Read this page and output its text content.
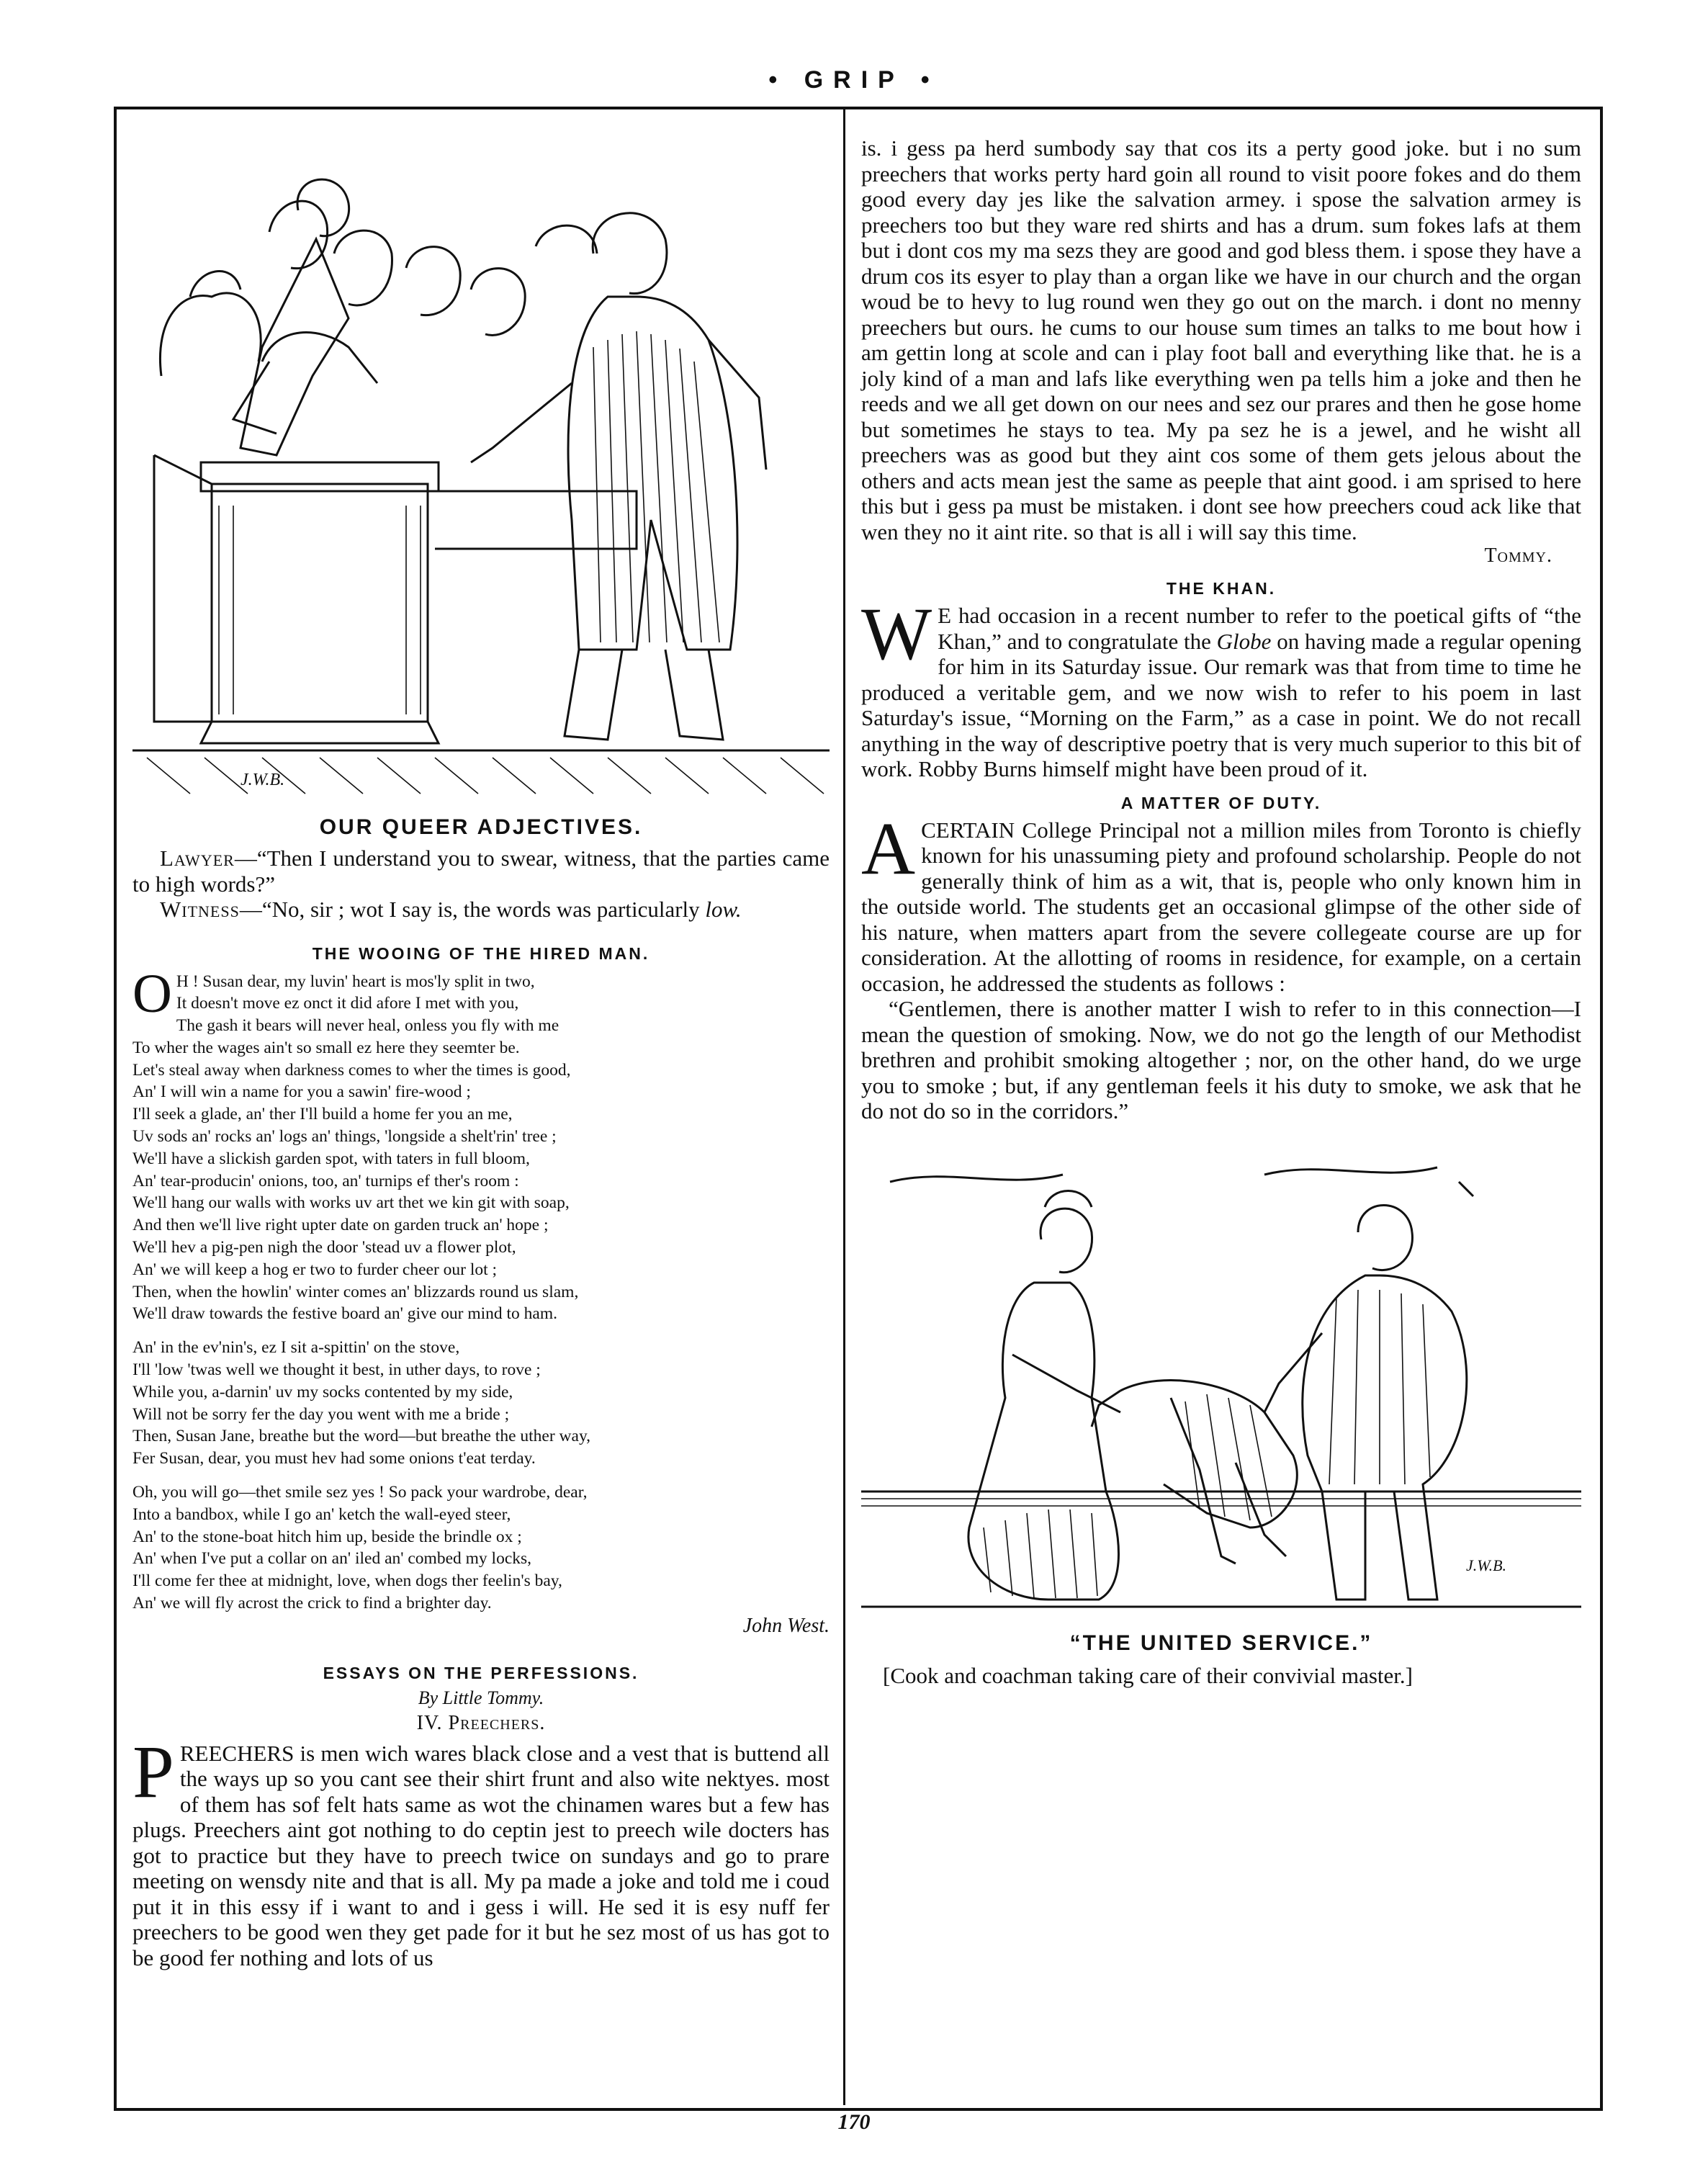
• GRIP •
J.W.B.
OUR QUEER ADJECTIVES.

Lawyer—“Then I understand you to swear, witness, that the parties came to high words?”

Witness—“No, sir ; wot I say is, the words was particularly low.

THE WOOING OF THE HIRED MAN.
O H ! Susan dear, my luvin' heart is mos'ly split in two,
It doesn't move ez onct it did afore I met with you,
The gash it bears will never heal, onless you fly with me
To wher the wages ain't so small ez here they seemter be.
Let's steal away when darkness comes to wher the times is good,
An' I will win a name for you a sawin' fire-wood ;
I'll seek a glade, an' ther I'll build a home fer you an me,
Uv sods an' rocks an' logs an' things, 'longside a shelt'rin' tree ;
We'll have a slickish garden spot, with taters in full bloom,
An' tear-producin' onions, too, an' turnips ef ther's room :
We'll hang our walls with works uv art thet we kin git with soap,
And then we'll live right upter date on garden truck an' hope ;
We'll hev a pig-pen nigh the door 'stead uv a flower plot,
An' we will keep a hog er two to furder cheer our lot ;
Then, when the howlin' winter comes an' blizzards round us slam,
We'll draw towards the festive board an' give our mind to ham.
An' in the ev'nin's, ez I sit a-spittin' on the stove,
I'll 'low 'twas well we thought it best, in uther days, to rove ;
While you, a-darnin' uv my socks contented by my side,
Will not be sorry fer the day you went with me a bride ;
Then, Susan Jane, breathe but the word—but breathe the uther way,
Fer Susan, dear, you must hev had some onions t'eat terday.
Oh, you will go—thet smile sez yes ! So pack your wardrobe, dear,
Into a bandbox, while I go an' ketch the wall-eyed steer,
An' to the stone-boat hitch him up, beside the brindle ox ;
An' when I've put a collar on an' iled an' combed my locks,
I'll come fer thee at midnight, love, when dogs ther feelin's bay,
An' we will fly acrost the crick to find a brighter day.

John West.

ESSAYS ON THE PERFESSIONS.

By Little Tommy.

IV. Preechers.

PREECHERS is men wich wares black close and a vest that is buttend all the ways up so you cant see their shirt frunt and also wite nektyes. most of them has sof felt hats same as wot the chinamen wares but a few has plugs. Preechers aint got nothing to do ceptin jest to preech wile docters has got to practice but they have to preech twice on sundays and go to prare meeting on wensdy nite and that is all. My pa made a joke and told me i coud put it in this essy if i want to and i gess i will. He sed it is esy nuff fer preechers to be good wen they get pade for it but he sez most of us has got to be good fer nothing and lots of us

is. i gess pa herd sumbody say that cos its a perty good joke. but i no sum preechers that works perty hard goin all round to visit poore fokes and do them good every day jes like the salvation armey. i spose the salvation armey is preechers too but they ware red shirts and has a drum. sum fokes lafs at them but i dont cos my ma sezs they are good and god bless them. i spose they have a drum cos its esyer to play than a organ like we have in our church and the organ woud be to hevy to lug round wen they go out on the march. i dont no menny preechers but ours. he cums to our house sum times an talks to me bout how i am gettin long at scole and can i play foot ball and everything like that. he is a joly kind of a man and lafs like everything wen pa tells him a joke and then he reeds and we all get down on our nees and sez our prares and then he gose home but sometimes he stays to tea. My pa sez he is a jewel, and he wisht all preechers was as good but they aint cos some of them gets jelous about the others and acts mean jest the same as peeple that aint good. i am sprised to here this but i gess pa must be mistaken. i dont see how preechers coud ack like that wen they no it aint rite. so that is all i will say this time.

Tommy.

THE KHAN.

W E had occasion in a recent number to refer to the poetical gifts of “the Khan,” and to congratulate the Globe on having made a regular opening for him in its Saturday issue. Our remark was that from time to time he produced a veritable gem, and we now wish to refer to his poem in last Saturday's issue, “Morning on the Farm,” as a case in point. We do not recall anything in the way of descriptive poetry that is very much superior to this bit of work. Robby Burns himself might have been proud of it.

A MATTER OF DUTY.

ACERTAIN College Principal not a million miles from Toronto is chiefly known for his unassuming piety and profound scholarship. People do not generally think of him as a wit, that is, people who only known him in the outside world. The students get an occasional glimpse of the other side of his nature, when matters apart from the severe collegeate course are up for consideration. At the allotting of rooms in residence, for example, on a certain occasion, he addressed the students as follows :

“Gentlemen, there is another matter I wish to refer to in this connection—I mean the question of smoking. Now, we do not go the length of our Methodist brethren and prohibit smoking altogether ; nor, on the other hand, do we urge you to smoke ; but, if any gentleman feels it his duty to smoke, we ask that he do not do so in the corridors.”

J.W.B.

“THE UNITED SERVICE.”

[Cook and coachman taking care of their convivial master.]

170
